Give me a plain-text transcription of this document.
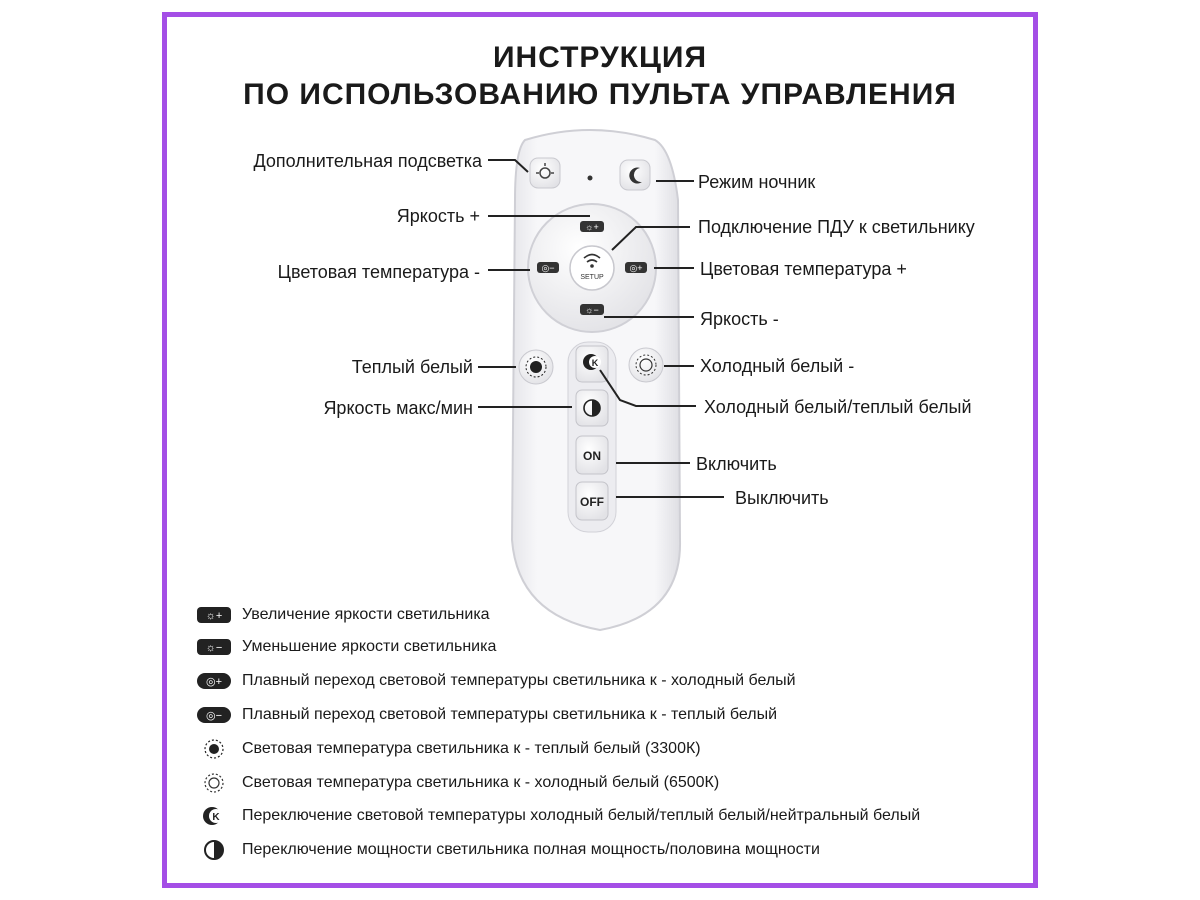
ИНСТРУКЦИЯ
ПО ИСПОЛЬЗОВАНИЮ ПУЛЬТА УПРАВЛЕНИЯ
SETUP
☼+
☼−
◎−	◎+
K
ON
OFF
Дополнительная подсветка
Режим ночник
Яркость +
Подключение ПДУ к светильнику
Цветовая температура -	Цветовая температура +
Яркость -
Теплый белый	Холодный белый -
Яркость макс/мин	Холодный белый/теплый белый
Включить
Выключить
☼+ Увеличение яркости светильника
☼− Уменьшение яркости светильника
◎+ Плавный переход световой температуры светильника к - холодный белый
◎− Плавный переход световой температуры светильника к - теплый белый
Световая температура светильника к - теплый белый (3300К)
Световая температура светильника к - холодный белый (6500К)
K Переключение световой температуры холодный белый/теплый белый/нейтральный белый
Переключение мощности светильника полная мощность/половина мощности
